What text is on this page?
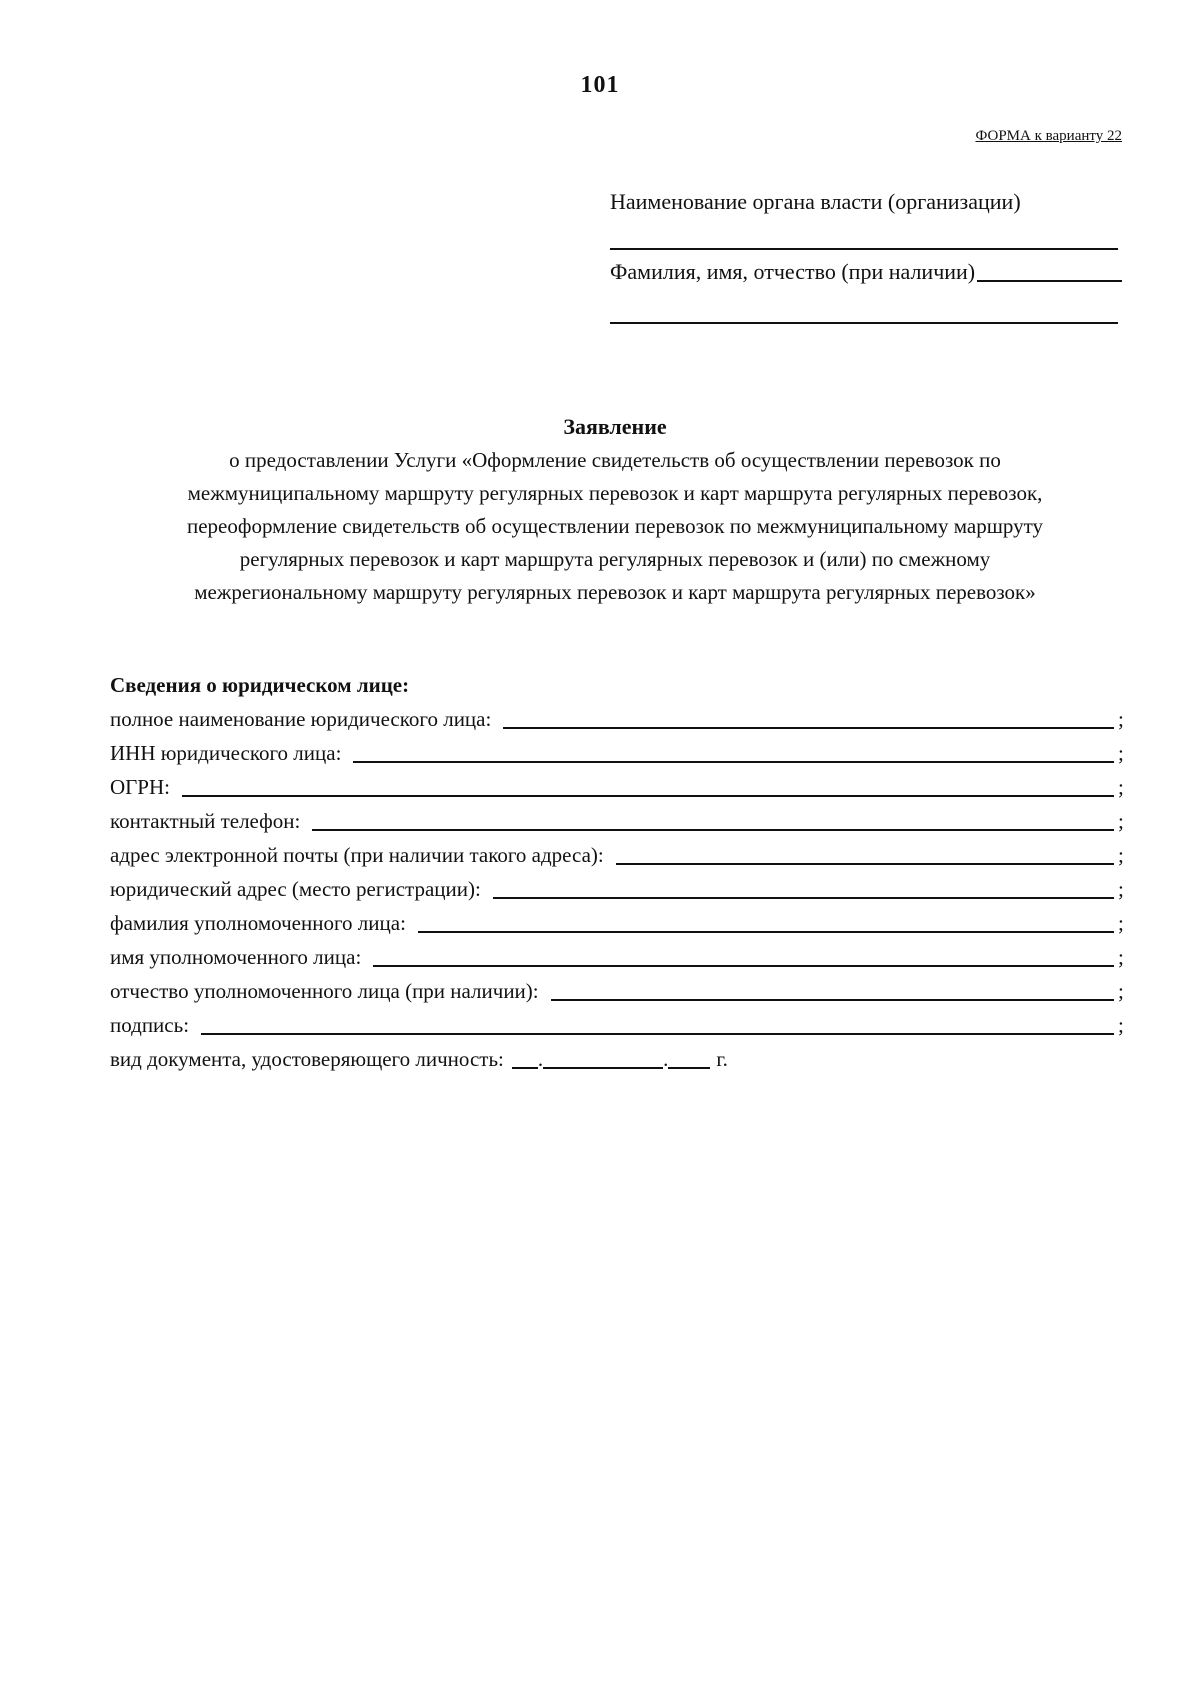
101
ФОРМА к варианту 22
Наименование органа власти (организации)
Фамилия, имя, отчество (при наличии)
Заявление
о предоставлении Услуги «Оформление свидетельств об осуществлении перевозок по
межмуниципальному маршруту регулярных перевозок и карт маршрута регулярных перевозок,
переоформление свидетельств об осуществлении перевозок по межмуниципальному маршруту
регулярных перевозок и карт маршрута регулярных перевозок и (или) по смежному
межрегиональному маршруту регулярных перевозок и карт маршрута регулярных перевозок»
Сведения о юридическом лице:
полное наименование юридического лица:	;
ИНН юридического лица:	;
ОГРН:	;
контактный телефон:	;
адрес электронной почты (при наличии такого адреса):	;
юридический адрес (место регистрации):	;
фамилия уполномоченного лица:	;
имя уполномоченного лица:	;
отчество уполномоченного лица (при наличии):	;
подпись:	;
вид документа, удостоверяющего личность: .	. г.
